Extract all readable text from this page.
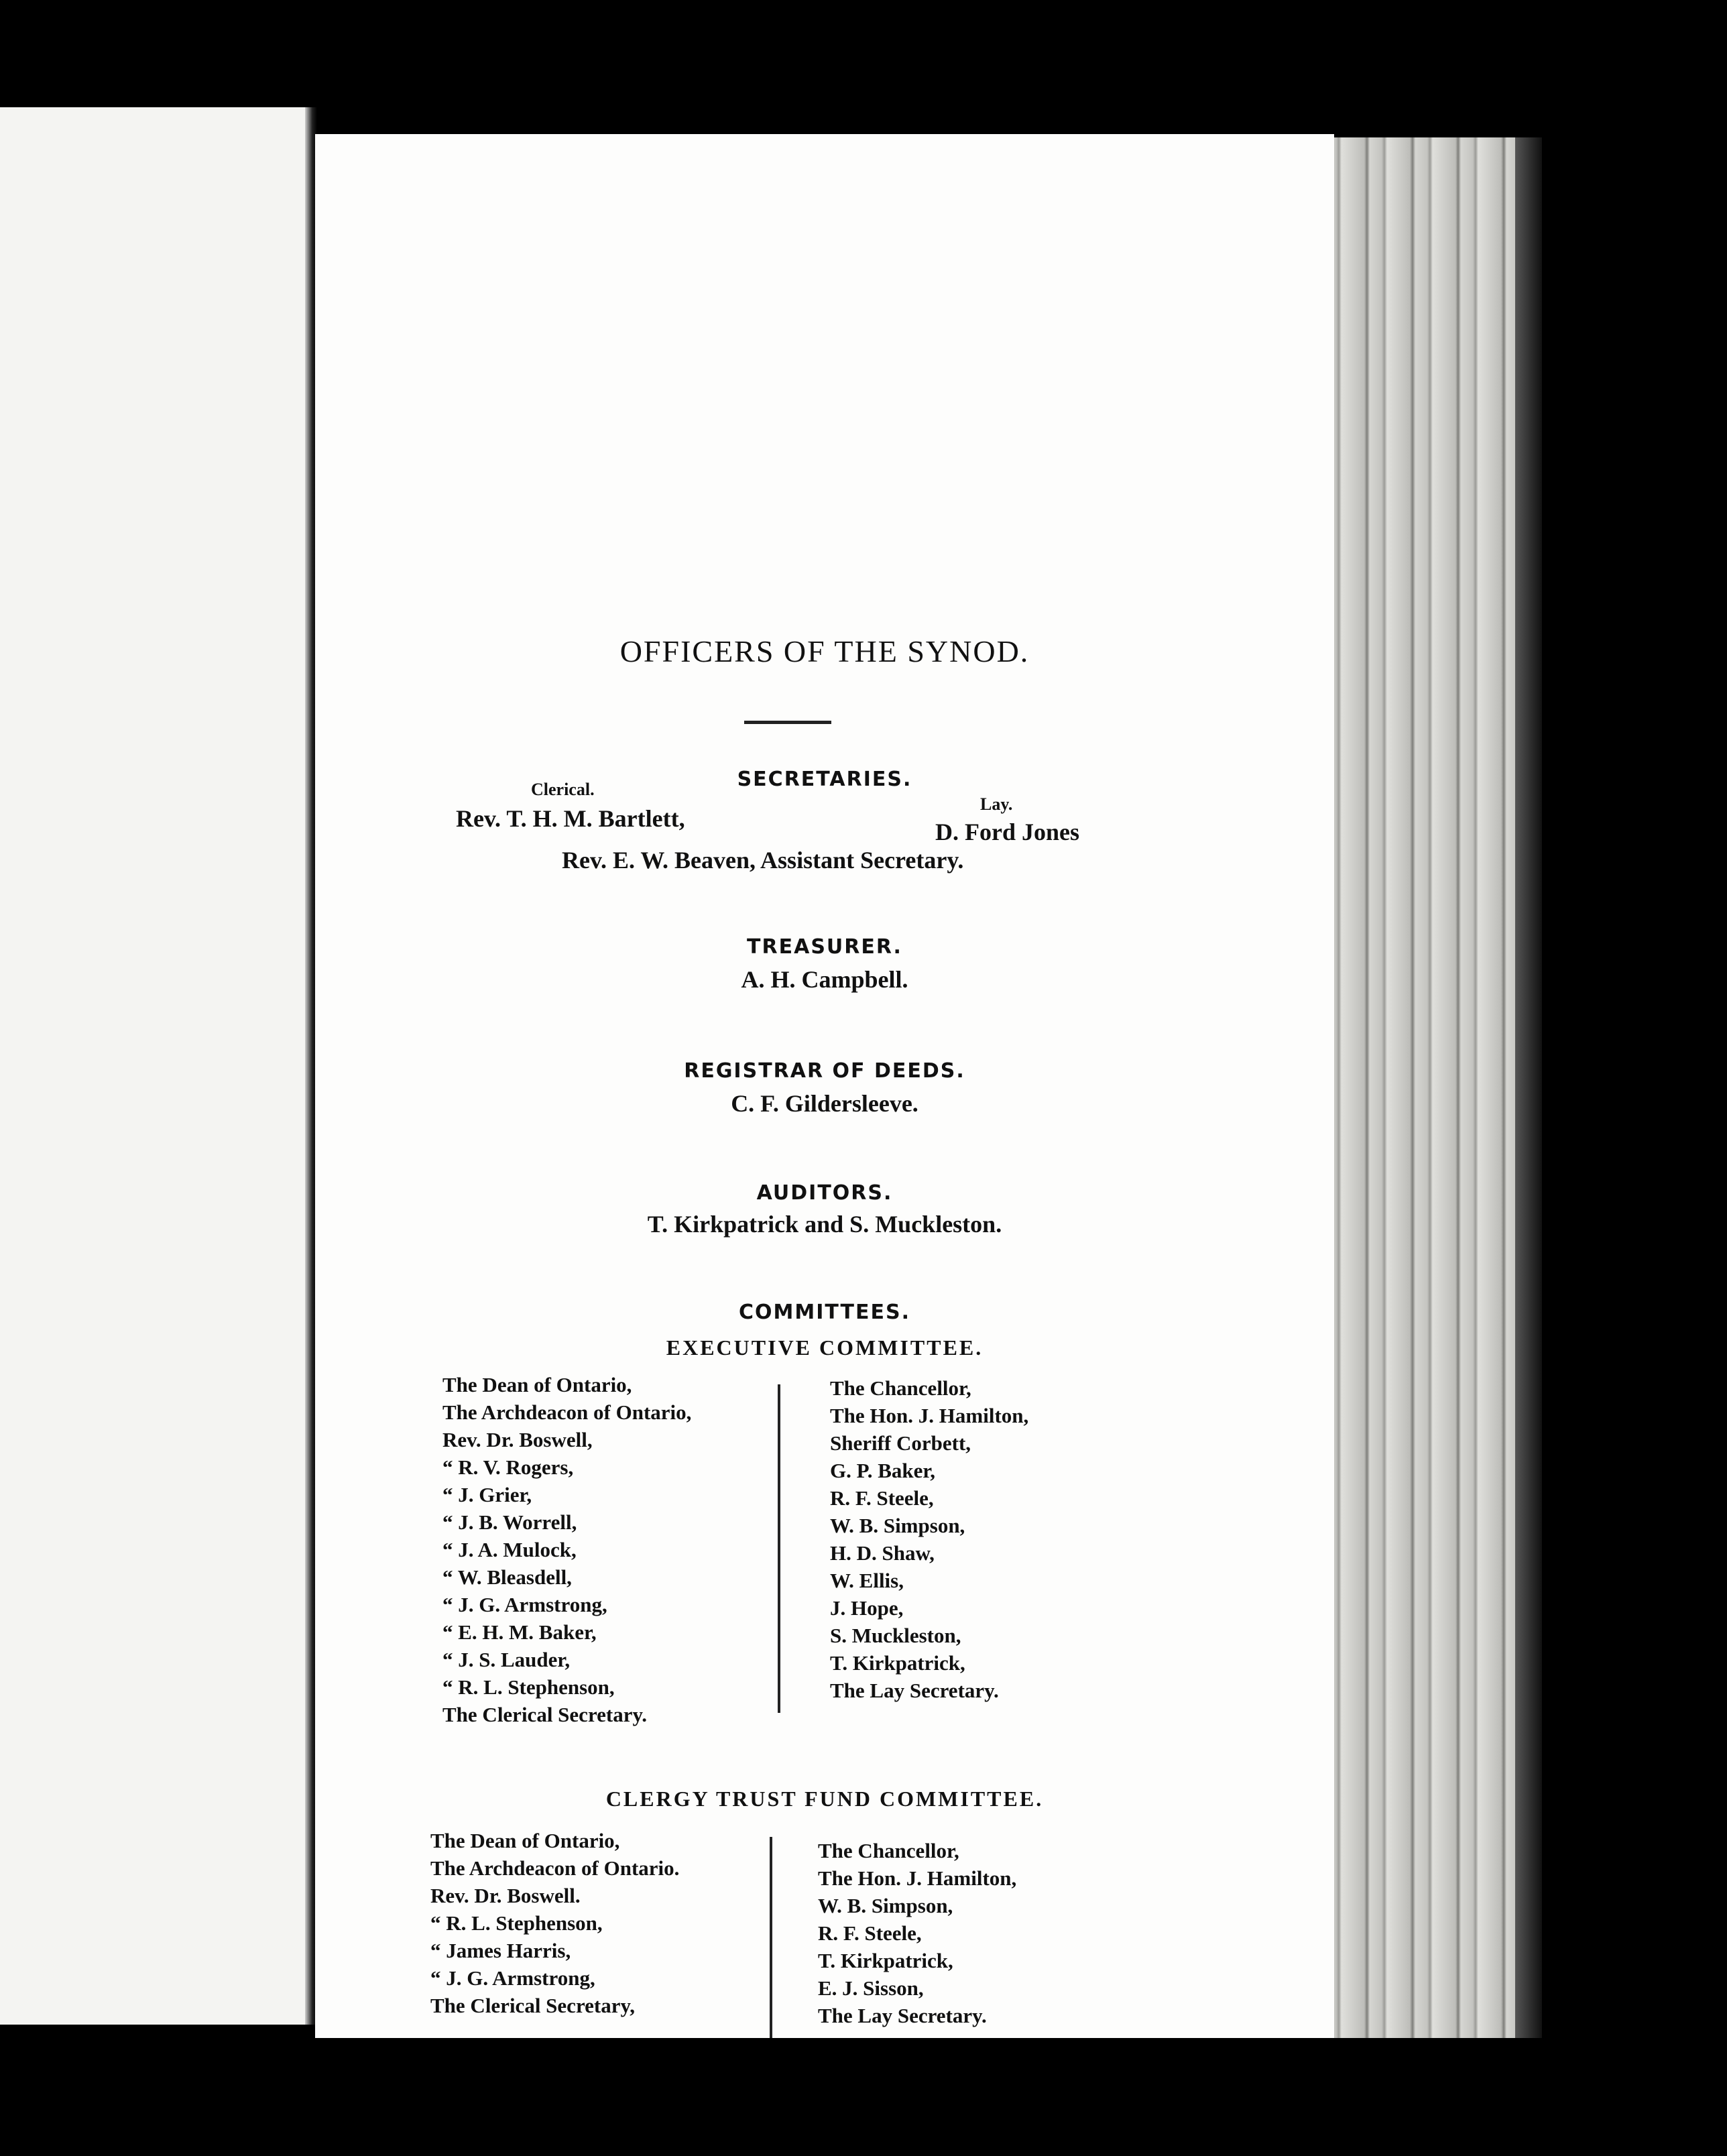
OFFICERS OF THE SYNOD.
SECRETARIES.
Clerical.
Lay.
Rev. T. H. M. Bartlett,	D. Ford Jones
Rev. E. W. Beaven, Assistant Secretary.
TREASURER.
A. H. Campbell.
REGISTRAR OF DEEDS.
C. F. Gildersleeve.
AUDITORS.
T. Kirkpatrick and S. Muckleston.
COMMITTEES.
EXECUTIVE COMMITTEE.
The Dean of Ontario,
The Archdeacon of Ontario,
Rev. Dr. Boswell,
“ R. V. Rogers,
“ J. Grier,
“ J. B. Worrell,
“ J. A. Mulock,
“ W. Bleasdell,
“ J. G. Armstrong,
“ E. H. M. Baker,
“ J. S. Lauder,
“ R. L. Stephenson,
The Clerical Secretary.
The Chancellor,
The Hon. J. Hamilton,
Sheriff Corbett,
G. P. Baker,
R. F. Steele,
W. B. Simpson,
H. D. Shaw,
W. Ellis,
J. Hope,
S. Muckleston,
T. Kirkpatrick,
The Lay Secretary.
CLERGY TRUST FUND COMMITTEE.
The Dean of Ontario,
The Archdeacon of Ontario.
Rev. Dr. Boswell.
“ R. L. Stephenson,
“ James Harris,
“ J. G. Armstrong,
The Clerical Secretary,
The Chancellor,
The Hon. J. Hamilton,
W. B. Simpson,
R. F. Steele,
T. Kirkpatrick,
E. J. Sisson,
The Lay Secretary.
